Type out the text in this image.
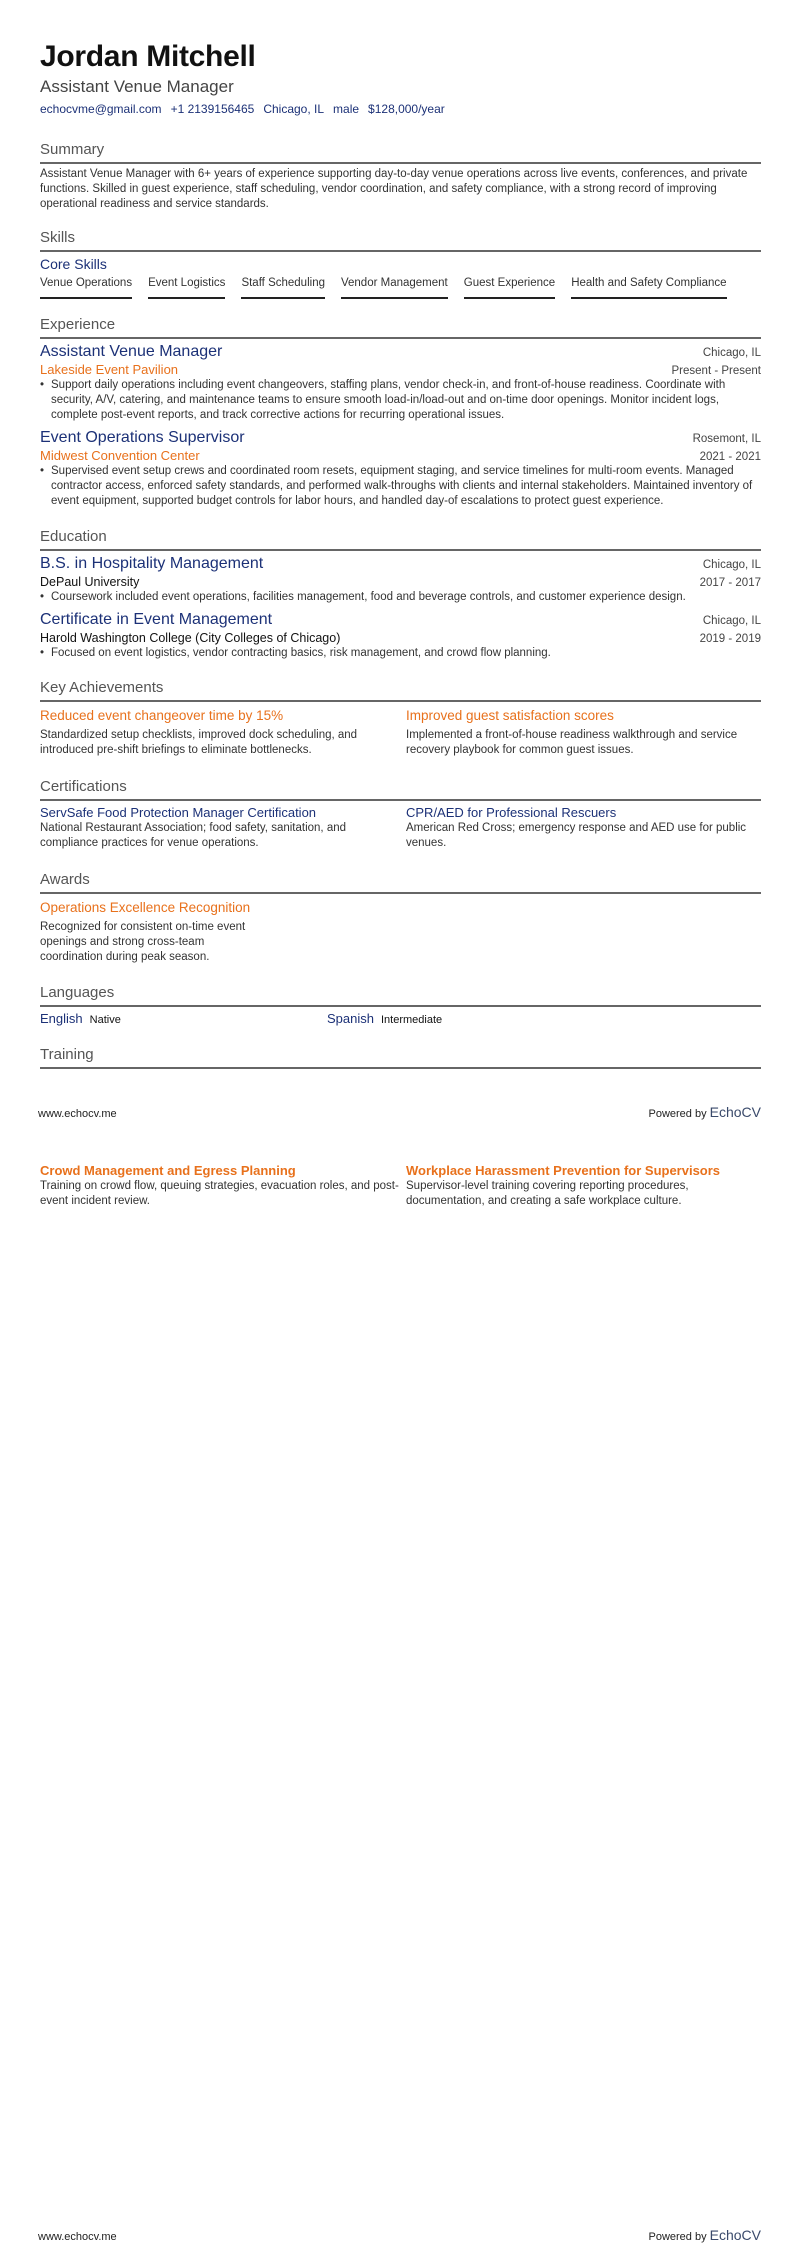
Jordan Mitchell
Assistant Venue Manager
echocvme@gmail.com +1 2139156465 Chicago, IL male $128,000/year
Summary
Assistant Venue Manager with 6+ years of experience supporting day-to-day venue operations across live events, conferences, and private functions. Skilled in guest experience, staff scheduling, vendor coordination, and safety compliance, with a strong record of improving operational readiness and service standards.
Skills
Core Skills
Venue Operations Event Logistics Staff Scheduling Vendor Management Guest Experience Health and Safety Compliance
Experience
Assistant Venue Manager	Chicago, IL
Lakeside Event Pavilion	Present - Present
• Support daily operations including event changeovers, staffing plans, vendor check-in, and front-of-house readiness. Coordinate with security, A/V, catering, and maintenance teams to ensure smooth load-in/load-out and on-time door openings. Monitor incident logs, complete post-event reports, and track corrective actions for recurring operational issues.
Event Operations Supervisor	Rosemont, IL
Midwest Convention Center	2021 - 2021
• Supervised event setup crews and coordinated room resets, equipment staging, and service timelines for multi-room events. Managed contractor access, enforced safety standards, and performed walk-throughs with clients and internal stakeholders. Maintained inventory of event equipment, supported budget controls for labor hours, and handled day-of escalations to protect guest experience.
Education
B.S. in Hospitality Management	Chicago, IL
DePaul University	2017 - 2017
• Coursework included event operations, facilities management, food and beverage controls, and customer experience design.
Certificate in Event Management	Chicago, IL
Harold Washington College (City Colleges of Chicago)	2019 - 2019
• Focused on event logistics, vendor contracting basics, risk management, and crowd flow planning.
Key Achievements
Reduced event changeover time by 15%
Standardized setup checklists, improved dock scheduling, and introduced pre-shift briefings to eliminate bottlenecks.
Improved guest satisfaction scores
Implemented a front-of-house readiness walkthrough and service recovery playbook for common guest issues.
Certifications
ServSafe Food Protection Manager Certification
National Restaurant Association; food safety, sanitation, and compliance practices for venue operations.
CPR/AED for Professional Rescuers
American Red Cross; emergency response and AED use for public venues.
Awards
Operations Excellence Recognition
Recognized for consistent on-time event openings and strong cross-team coordination during peak season.
Languages
English Native	Spanish Intermediate
Training
www.echocv.me	Powered by EchoCV
Crowd Management and Egress Planning
Training on crowd flow, queuing strategies, evacuation roles, and post-event incident review.
Workplace Harassment Prevention for Supervisors
Supervisor-level training covering reporting procedures, documentation, and creating a safe workplace culture.
www.echocv.me	Powered by EchoCV
